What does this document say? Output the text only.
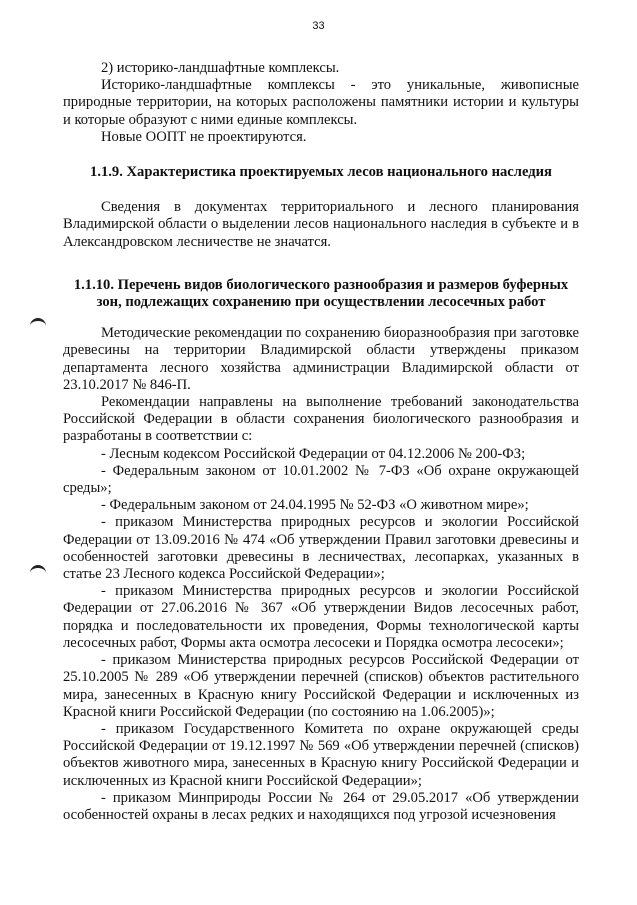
33

2) историко-ландшафтные комплексы.

Историко-ландшафтные комплексы - это уникальные, живописные природные территории, на которых расположены памятники истории и культуры и которые образуют с ними единые комплексы.

Новые ООПТ не проектируются.

1.1.9. Характеристика проектируемых лесов национального наследия

Сведения в документах территориального и лесного планирования Владимирской области о выделении лесов национального наследия в субъекте и в Александровском лесничестве не значатся.

1.1.10. Перечень видов биологического разнообразия и размеров буферных зон, подлежащих сохранению при осуществлении лесосечных работ

Методические рекомендации по сохранению биоразнообразия при заготовке древесины на территории Владимирской области утверждены приказом департамента лесного хозяйства администрации Владимирской области от 23.10.2017 № 846-П.

Рекомендации направлены на выполнение требований законодательства Российской Федерации в области сохранения биологического разнообразия и разработаны в соответствии с:

- Лесным кодексом Российской Федерации от 04.12.2006 № 200-ФЗ;

- Федеральным законом от 10.01.2002 № 7-ФЗ «Об охране окружающей среды»;

- Федеральным законом от 24.04.1995 № 52-ФЗ «О животном мире»;

- приказом Министерства природных ресурсов и экологии Российской Федерации от 13.09.2016 № 474 «Об утверждении Правил заготовки древесины и особенностей заготовки древесины в лесничествах, лесопарках, указанных в статье 23 Лесного кодекса Российской Федерации»;

- приказом Министерства природных ресурсов и экологии Российской Федерации от 27.06.2016 № 367 «Об утверждении Видов лесосечных работ, порядка и последовательности их проведения, Формы технологической карты лесосечных работ, Формы акта осмотра лесосеки и Порядка осмотра лесосеки»;

- приказом Министерства природных ресурсов Российской Федерации от 25.10.2005 № 289 «Об утверждении перечней (списков) объектов растительного мира, занесенных в Красную книгу Российской Федерации и исключенных из Красной книги Российской Федерации (по состоянию на 1.06.2005)»;

- приказом Государственного Комитета по охране окружающей среды Российской Федерации от 19.12.1997 № 569 «Об утверждении перечней (списков) объектов животного мира, занесенных в Красную книгу Российской Федерации и исключенных из Красной книги Российской Федерации»;

- приказом Минприроды России № 264 от 29.05.2017 «Об утверждении особенностей охраны в лесах редких и находящихся под угрозой исчезновения
